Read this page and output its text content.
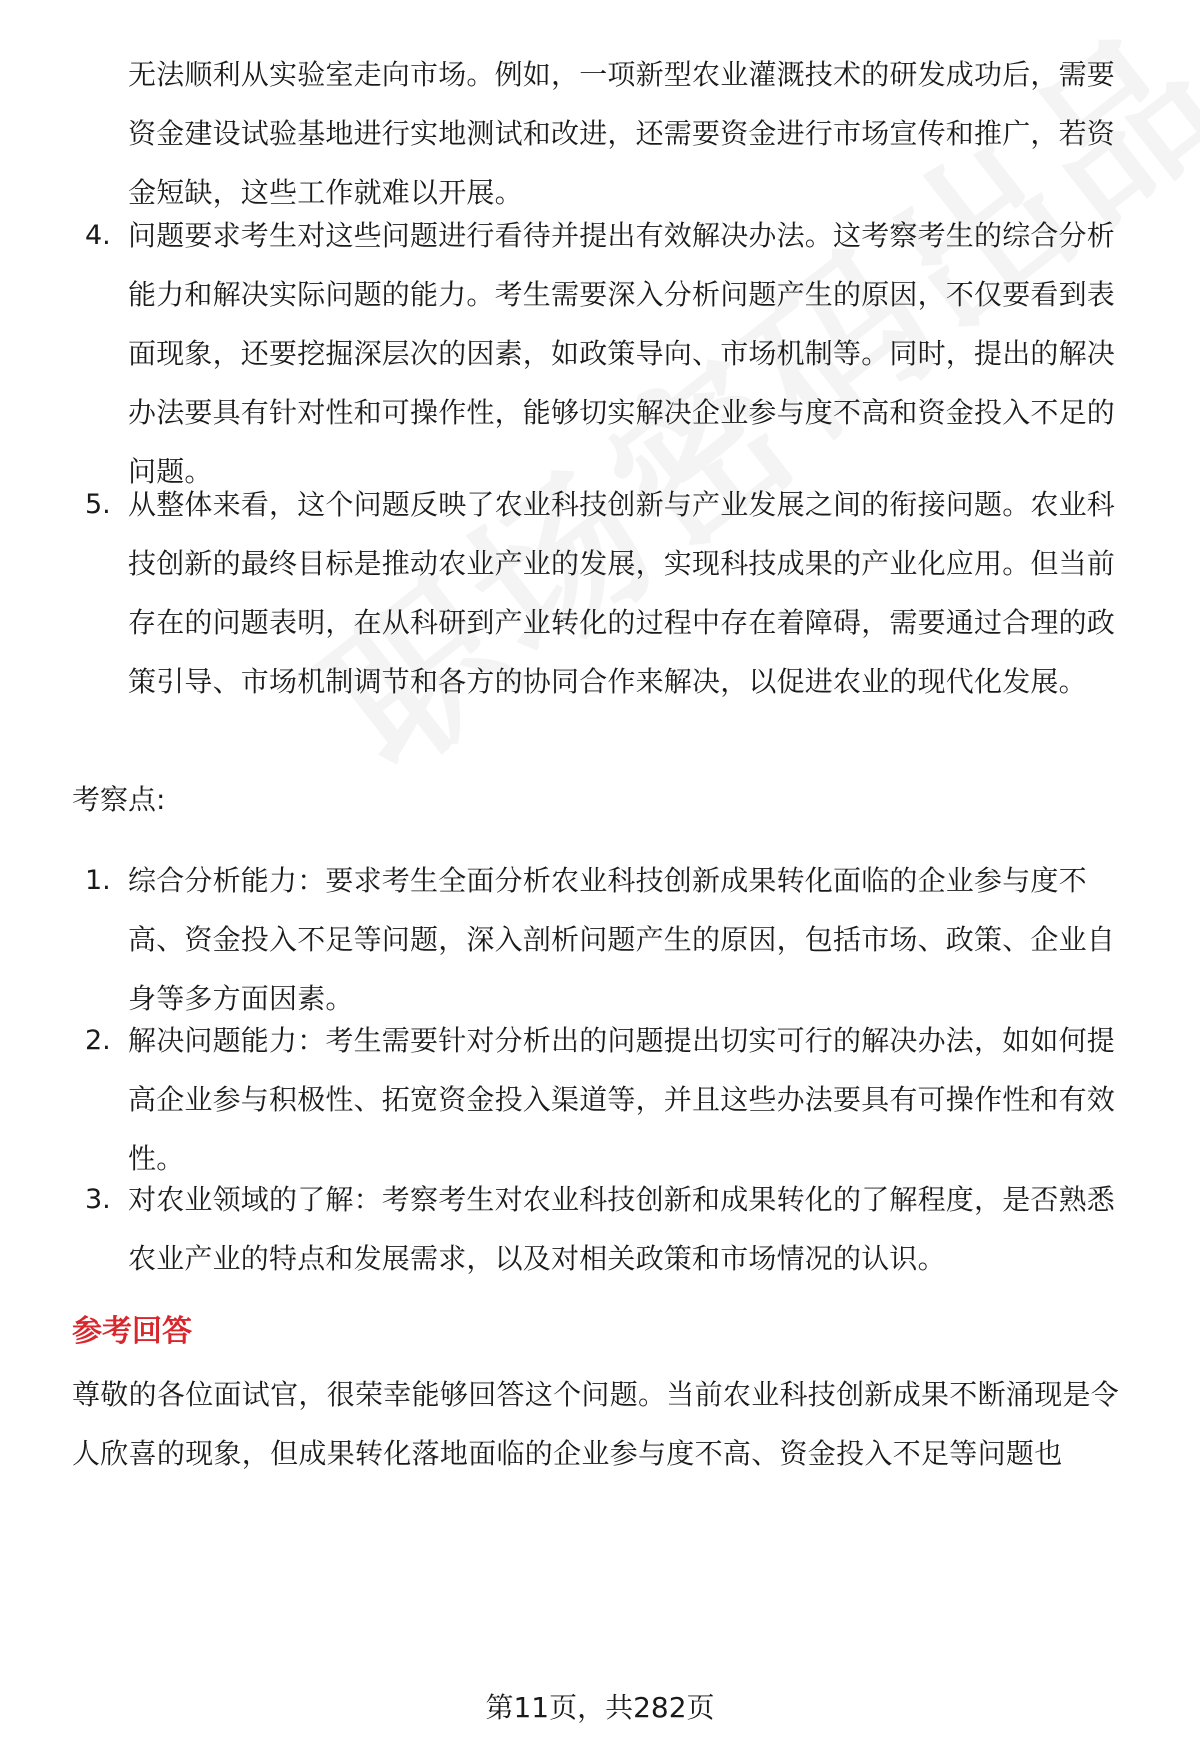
无法顺利从实验室走向市场。例如，一项新型农业灌溉技术的研发成功后，需要资金建设试验基地进行实地测试和改进，还需要资金进行市场宣传和推广，若资金短缺，这些工作就难以开展。
4. 问题要求考生对这些问题进行看待并提出有效解决办法。这考察考生的综合分析能力和解决实际问题的能力。考生需要深入分析问题产生的原因，不仅要看到表面现象，还要挖掘深层次的因素，如政策导向、市场机制等。同时，提出的解决办法要具有针对性和可操作性，能够切实解决企业参与度不高和资金投入不足的问题。
5. 从整体来看，这个问题反映了农业科技创新与产业发展之间的衔接问题。农业科技创新的最终目标是推动农业产业的发展，实现科技成果的产业化应用。但当前存在的问题表明，在从科研到产业转化的过程中存在着障碍，需要通过合理的政策引导、市场机制调节和各方的协同合作来解决，以促进农业的现代化发展。
考察点:
1. 综合分析能力：要求考生全面分析农业科技创新成果转化面临的企业参与度不高、资金投入不足等问题，深入剖析问题产生的原因，包括市场、政策、企业自身等多方面因素。
2. 解决问题能力：考生需要针对分析出的问题提出切实可行的解决办法，如如何提高企业参与积极性、拓宽资金投入渠道等，并且这些办法要具有可操作性和有效性。
3. 对农业领域的了解：考察考生对农业科技创新和成果转化的了解程度，是否熟悉农业产业的特点和发展需求，以及对相关政策和市场情况的认识。
参考回答
尊敬的各位面试官，很荣幸能够回答这个问题。当前农业科技创新成果不断涌现是令人欣喜的现象，但成果转化落地面临的企业参与度不高、资金投入不足等问题也
第11页，共282页
